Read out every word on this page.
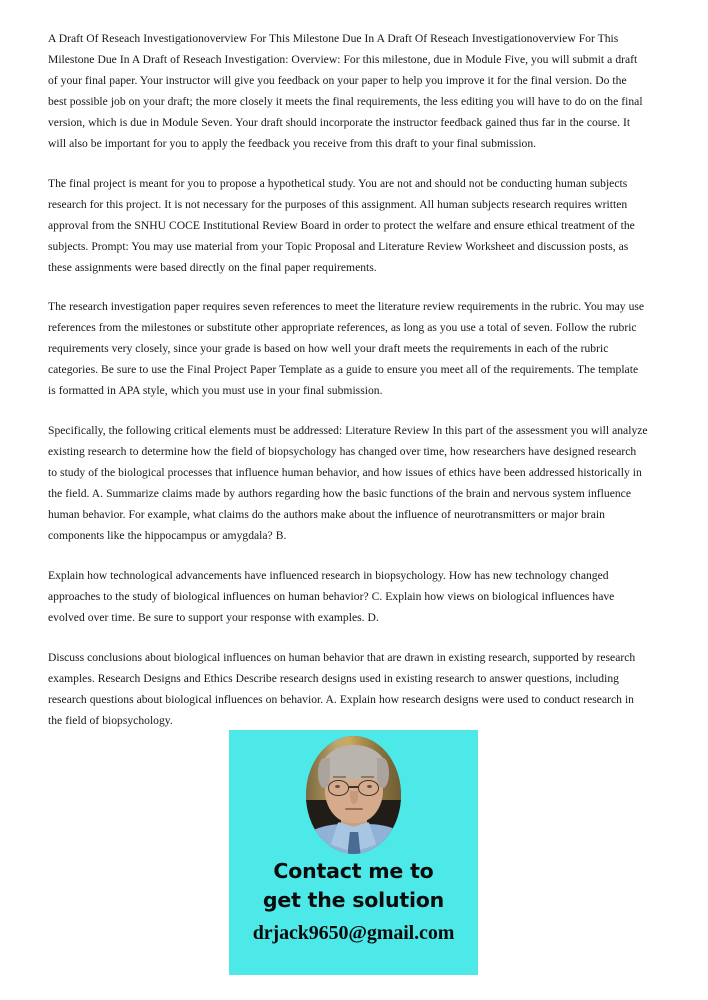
A Draft Of Reseach Investigationoverview For This Milestone Due In A Draft Of Reseach Investigationoverview For This Milestone Due In A Draft of Reseach Investigation: Overview: For this milestone, due in Module Five, you will submit a draft of your final paper. Your instructor will give you feedback on your paper to help you improve it for the final version. Do the best possible job on your draft; the more closely it meets the final requirements, the less editing you will have to do on the final version, which is due in Module Seven. Your draft should incorporate the instructor feedback gained thus far in the course. It will also be important for you to apply the feedback you receive from this draft to your final submission.

The final project is meant for you to propose a hypothetical study. You are not and should not be conducting human subjects research for this project. It is not necessary for the purposes of this assignment. All human subjects research requires written approval from the SNHU COCE Institutional Review Board in order to protect the welfare and ensure ethical treatment of the subjects. Prompt: You may use material from your Topic Proposal and Literature Review Worksheet and discussion posts, as these assignments were based directly on the final paper requirements.

The research investigation paper requires seven references to meet the literature review requirements in the rubric. You may use references from the milestones or substitute other appropriate references, as long as you use a total of seven. Follow the rubric requirements very closely, since your grade is based on how well your draft meets the requirements in each of the rubric categories. Be sure to use the Final Project Paper Template as a guide to ensure you meet all of the requirements. The template is formatted in APA style, which you must use in your final submission.

Specifically, the following critical elements must be addressed: Literature Review In this part of the assessment you will analyze existing research to determine how the field of biopsychology has changed over time, how researchers have designed research to study of the biological processes that influence human behavior, and how issues of ethics have been addressed historically in the field. A. Summarize claims made by authors regarding how the basic functions of the brain and nervous system influence human behavior. For example, what claims do the authors make about the influence of neurotransmitters or major brain components like the hippocampus or amygdala? B.

Explain how technological advancements have influenced research in biopsychology. How has new technology changed approaches to the study of biological influences on human behavior? C. Explain how views on biological influences have evolved over time. Be sure to support your response with examples. D.

Discuss conclusions about biological influences on human behavior that are drawn in existing research, supported by research examples. Research Designs and Ethics Describe research designs used in existing research to answer questions, including research questions about biological influences on behavior. A. Explain how research designs were used to conduct research in the field of biopsychology.

Contact me to
get the solution
drjack9650@gmail.com
